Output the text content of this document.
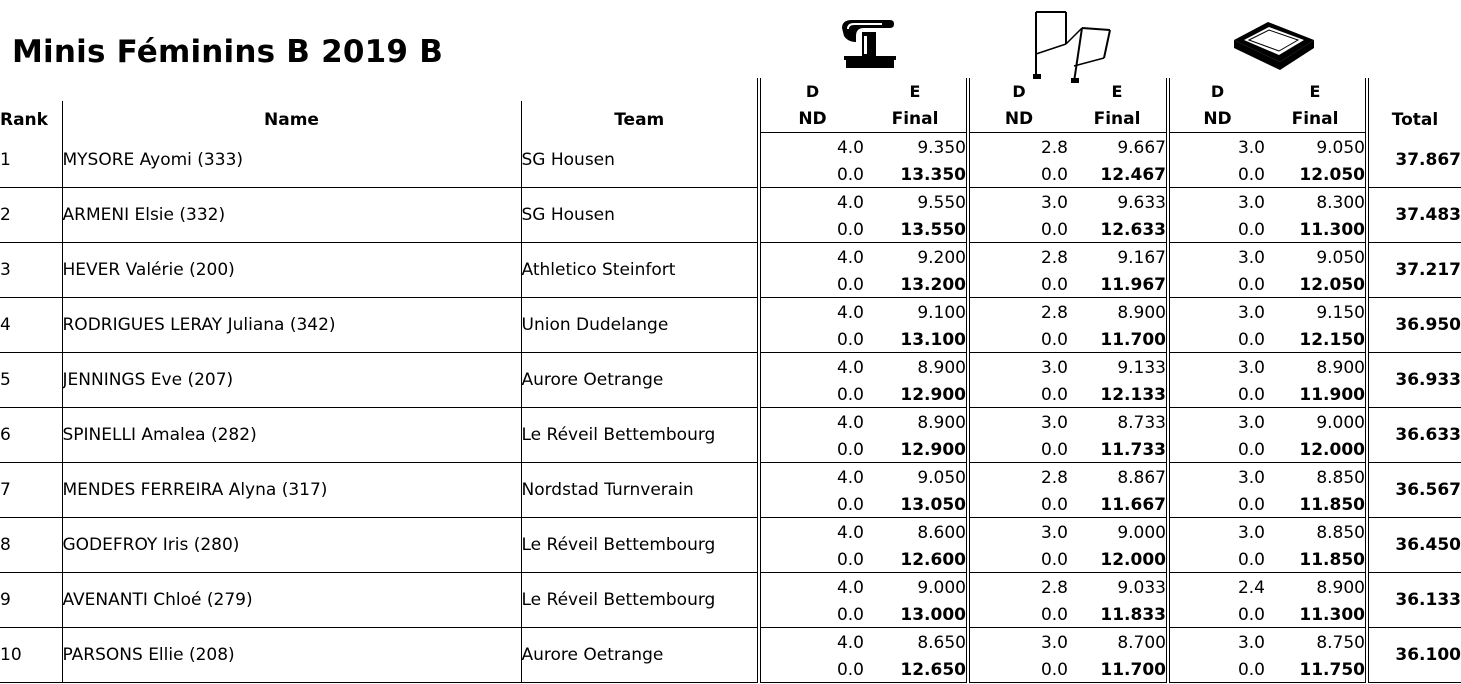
Minis Féminins B 2019 B
			D	E	D	E	D	E	
Rank	Name	Team	ND	Final	ND	Final	ND	Final	Total
1	MYSORE Ayomi (333)	SG Housen	4.0	9.350	2.8	9.667	3.0	9.050	37.867
			0.0	13.350	0.0	12.467	0.0	12.050	
2	ARMENI Elsie (332)	SG Housen	4.0	9.550	3.0	9.633	3.0	8.300	37.483
			0.0	13.550	0.0	12.633	0.0	11.300	
3	HEVER Valérie (200)	Athletico Steinfort	4.0	9.200	2.8	9.167	3.0	9.050	37.217
			0.0	13.200	0.0	11.967	0.0	12.050	
4	RODRIGUES LERAY Juliana (342)	Union Dudelange	4.0	9.100	2.8	8.900	3.0	9.150	36.950
			0.0	13.100	0.0	11.700	0.0	12.150	
5	JENNINGS Eve (207)	Aurore Oetrange	4.0	8.900	3.0	9.133	3.0	8.900	36.933
			0.0	12.900	0.0	12.133	0.0	11.900	
6	SPINELLI Amalea (282)	Le Réveil Bettembourg	4.0	8.900	3.0	8.733	3.0	9.000	36.633
			0.0	12.900	0.0	11.733	0.0	12.000	
7	MENDES FERREIRA Alyna (317)	Nordstad Turnverain	4.0	9.050	2.8	8.867	3.0	8.850	36.567
			0.0	13.050	0.0	11.667	0.0	11.850	
8	GODEFROY Iris (280)	Le Réveil Bettembourg	4.0	8.600	3.0	9.000	3.0	8.850	36.450
			0.0	12.600	0.0	12.000	0.0	11.850	
9	AVENANTI Chloé (279)	Le Réveil Bettembourg	4.0	9.000	2.8	9.033	2.4	8.900	36.133
			0.0	13.000	0.0	11.833	0.0	11.300	
10	PARSONS Ellie (208)	Aurore Oetrange	4.0	8.650	3.0	8.700	3.0	8.750	36.100
			0.0	12.650	0.0	11.700	0.0	11.750	
